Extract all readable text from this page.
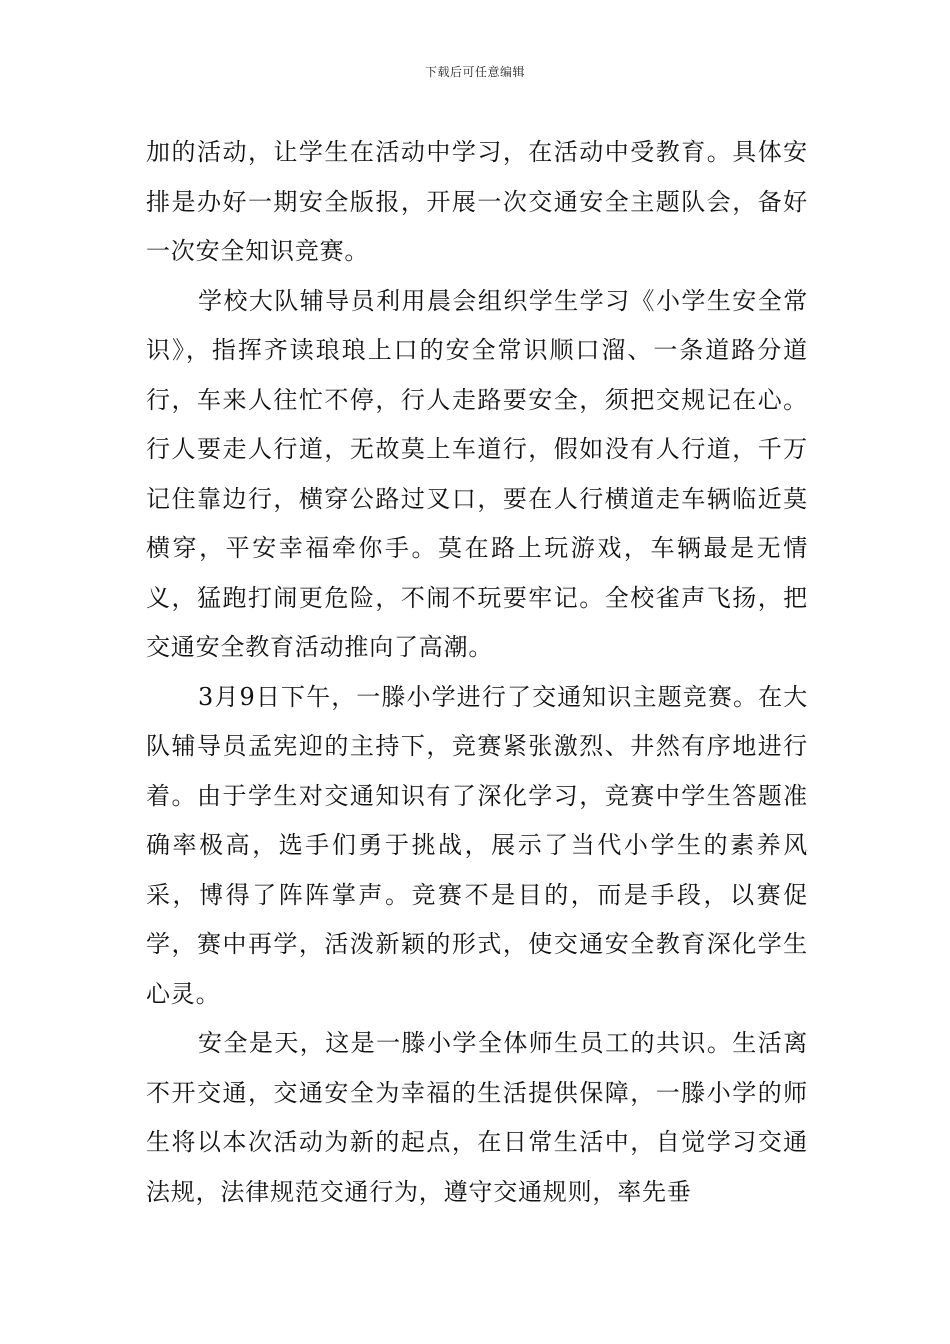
下载后可任意编辑

加的活动，让学生在活动中学习，在活动中受教育。具体安排是办好一期安全版报，开展一次交通安全主题队会，备好一次安全知识竞赛。

学校大队辅导员利用晨会组织学生学习《小学生安全常识》，指挥齐读琅琅上口的安全常识顺口溜、一条道路分道行，车来人往忙不停，行人走路要安全，须把交规记在心。行人要走人行道，无故莫上车道行，假如没有人行道，千万记住靠边行，横穿公路过叉口，要在人行横道走车辆临近莫横穿，平安幸福牵你手。莫在路上玩游戏，车辆最是无情义，猛跑打闹更危险，不闹不玩要牢记。全校雀声飞扬，把交通安全教育活动推向了高潮。

3月9日下午，一滕小学进行了交通知识主题竞赛。在大队辅导员孟宪迎的主持下，竞赛紧张激烈、井然有序地进行着。由于学生对交通知识有了深化学习，竞赛中学生答题准确率极高，选手们勇于挑战，展示了当代小学生的素养风采，博得了阵阵掌声。竞赛不是目的，而是手段，以赛促学，赛中再学，活泼新颖的形式，使交通安全教育深化学生心灵。

安全是天，这是一滕小学全体师生员工的共识。生活离不开交通，交通安全为幸福的生活提供保障，一滕小学的师生将以本次活动为新的起点，在日常生活中，自觉学习交通法规，法律规范交通行为，遵守交通规则，率先垂
